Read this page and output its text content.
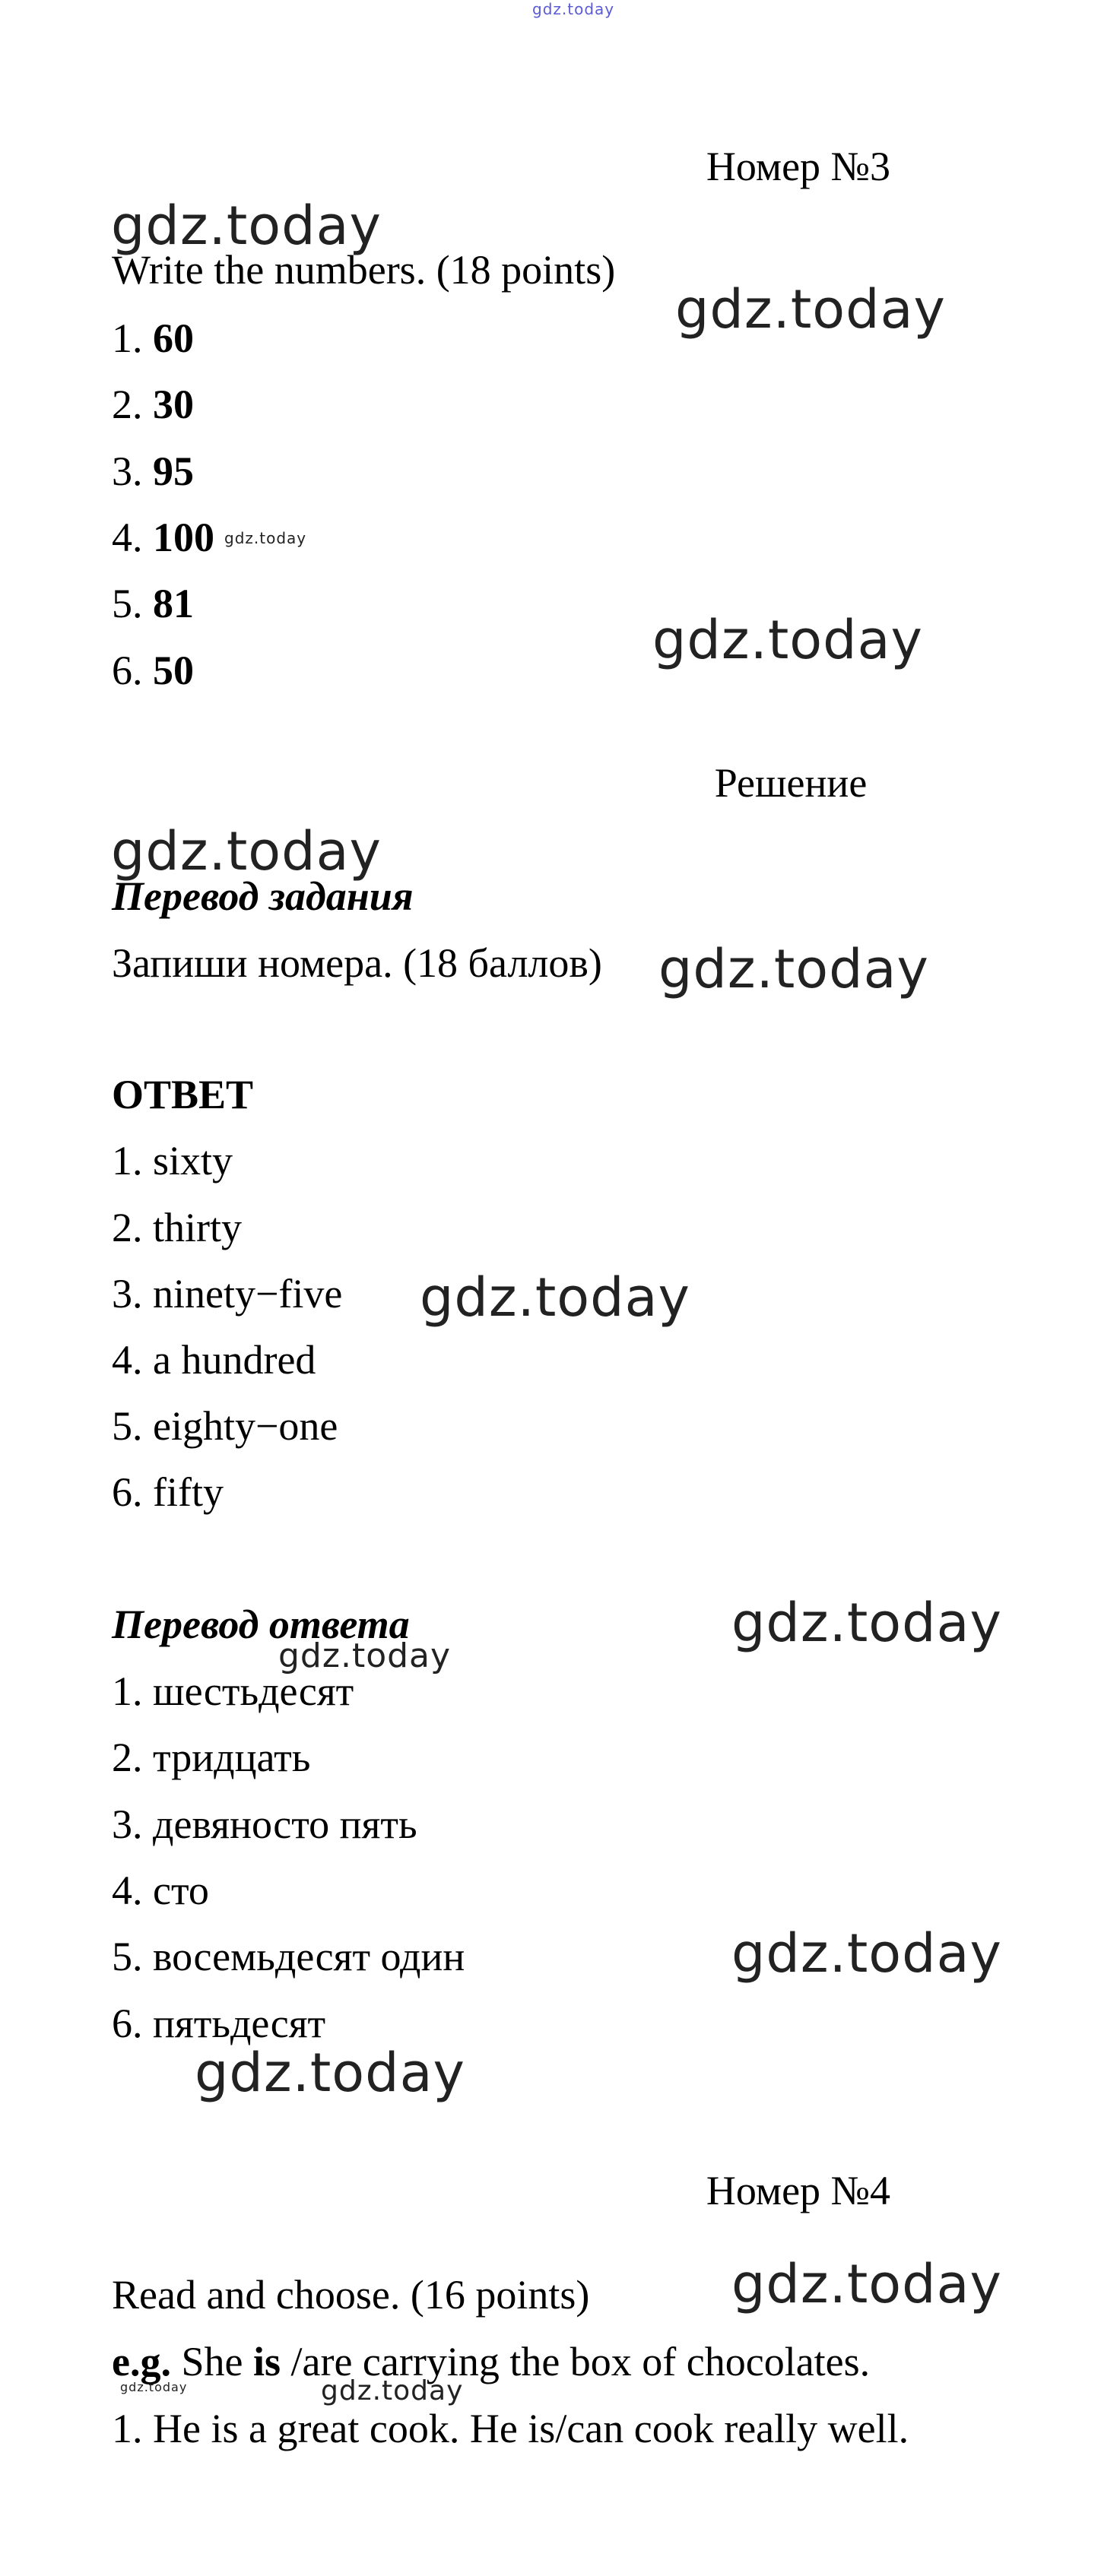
gdz.today
Номер №3
gdz.today
Write the numbers. (18 points)
gdz.today
1. 60
2. 30
3. 95
4. 100 gdz.today
5. 81
gdz.today
6. 50
Решение
gdz.today
Перевод задания
Запиши номера. (18 баллов) gdz.today
ОТВЕТ
1. sixty
2. thirty
3. ninety−five gdz.today
4. a hundred
5. eighty−one
6. fifty
Перевод ответа	gdz.today
gdz.today
1. шестьдесят
2. тридцать
3. девяносто пять
4. сто
5. восемьдесят один	gdz.today
6. пятьдесят
gdz.today
Номер №4
Read and choose. (16 points)	gdz.today
e.g. She is /are carrying the box of chocolates.
gdz.today	gdz.today
1. He is a great cook. He is/can cook really well.
